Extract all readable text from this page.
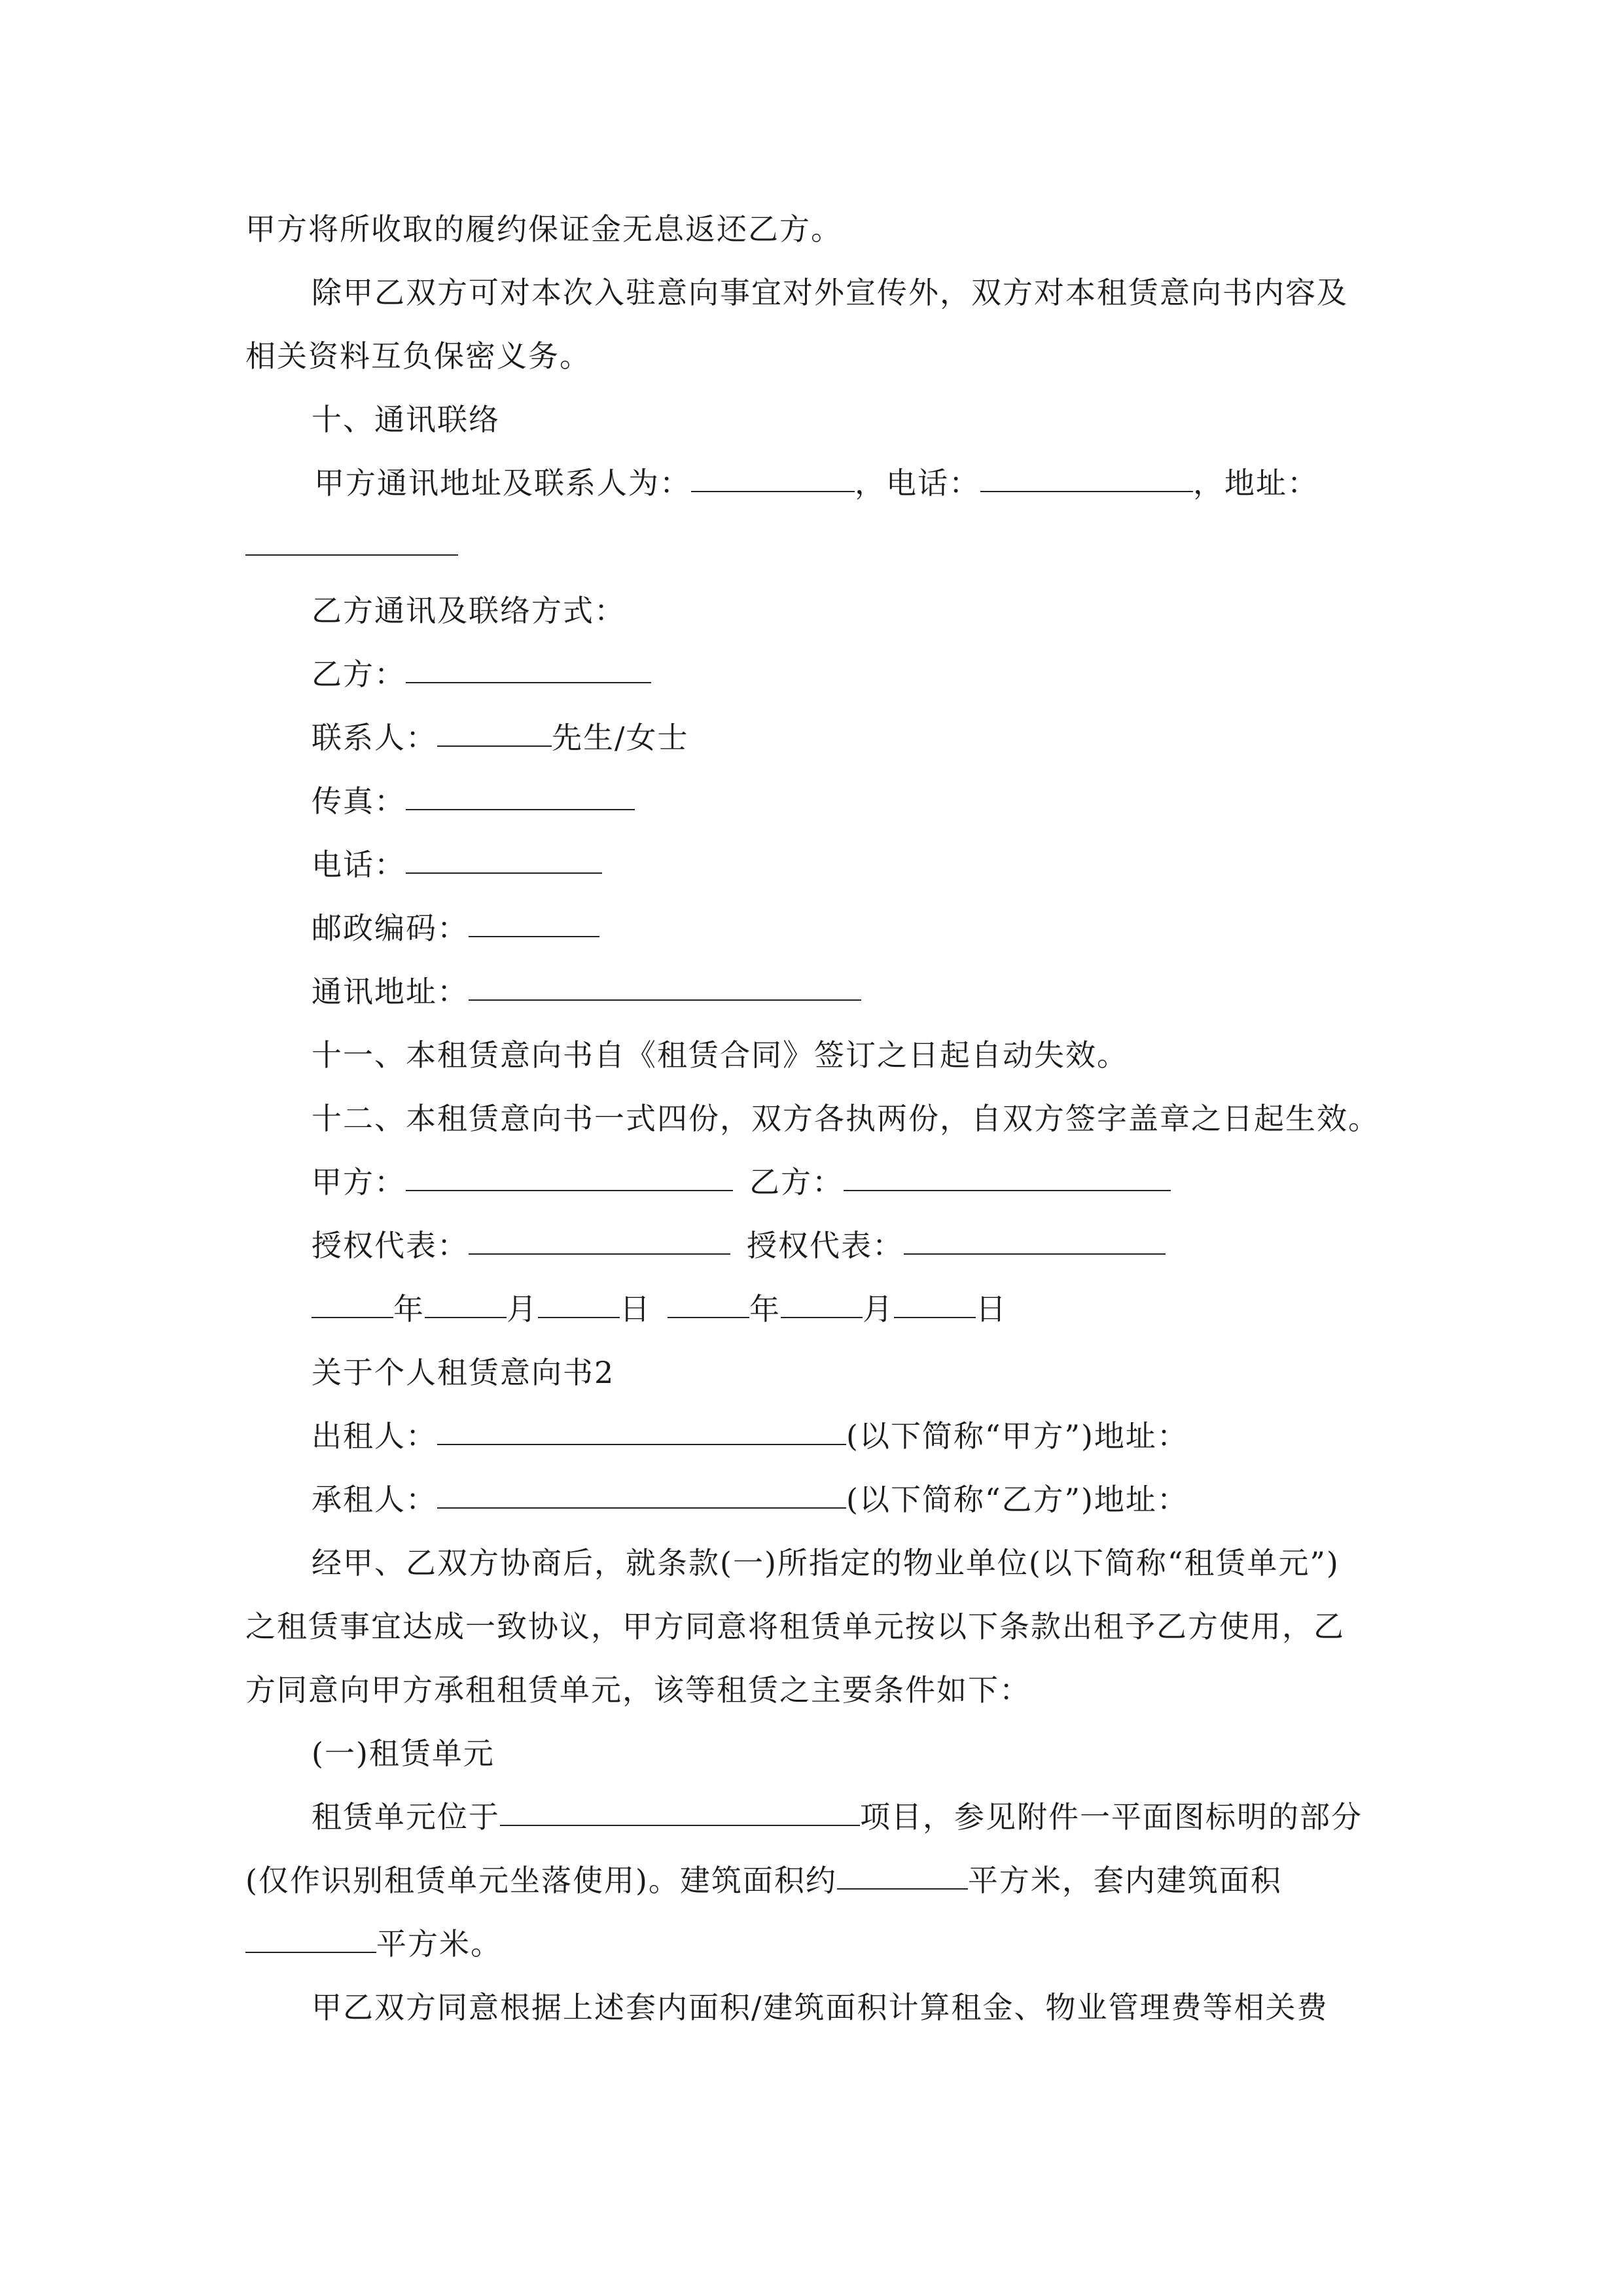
甲方将所收取的履约保证金无息返还乙方。
除甲乙双方可对本次入驻意向事宜对外宣传外，双方对本租赁意向书内容及
相关资料互负保密义务。
十、通讯联络
甲方通讯地址及联系人为：	，电话：	，地址：
乙方通讯及联络方式：
乙方：
联系人：	先生/女士
传真：
电话：
邮政编码：
通讯地址：
十一、本租赁意向书自《租赁合同》签订之日起自动失效。
十二、本租赁意向书一式四份，双方各执两份，自双方签字盖章之日起生效。
甲方：	乙方：
授权代表：	授权代表：
年	月	日	年	月	日
关于个人租赁意向书2
出租人：	(以下简称“甲方”)地址：
承租人：	(以下简称“乙方”)地址：
经甲、乙双方协商后，就条款(一)所指定的物业单位(以下简称“租赁单元”)
之租赁事宜达成一致协议，甲方同意将租赁单元按以下条款出租予乙方使用，乙
方同意向甲方承租租赁单元，该等租赁之主要条件如下：
(一)租赁单元
租赁单元位于	项目，参见附件一平面图标明的部分
(仅作识别租赁单元坐落使用)。建筑面积约	平方米，套内建筑面积
平方米。
甲乙双方同意根据上述套内面积/建筑面积计算租金、物业管理费等相关费
